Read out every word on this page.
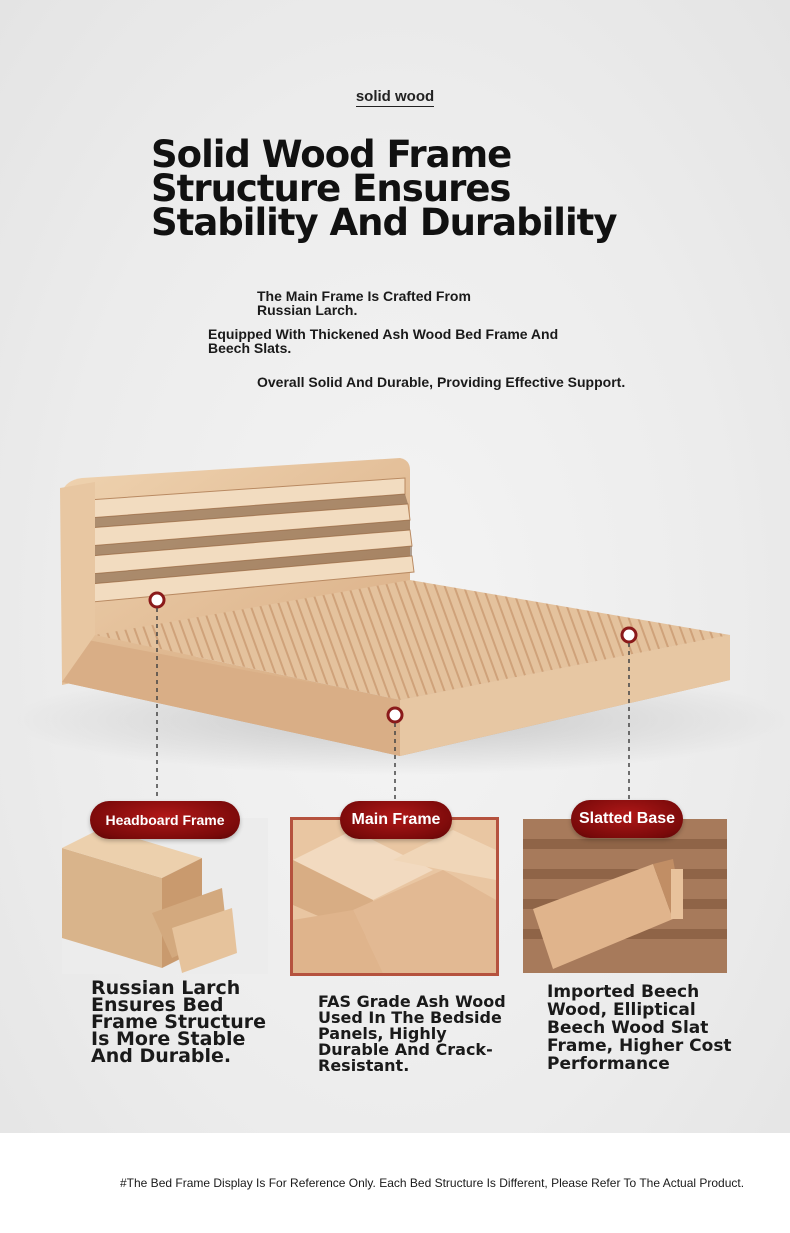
solid wood
Solid Wood Frame
Structure Ensures
Stability And Durability
The Main Frame Is Crafted From Russian Larch.
Equipped With Thickened Ash Wood Bed Frame And Beech Slats.
Overall Solid And Durable, Providing Effective Support.
Headboard Frame	Main Frame	Slatted Base
Russian Larch Ensures Bed Frame Structure Is More Stable And Durable.
FAS Grade Ash Wood Used In The Bedside Panels, Highly Durable And Crack-Resistant.
Imported Beech Wood, Elliptical Beech Wood Slat Frame, Higher Cost Performance
#The Bed Frame Display Is For Reference Only. Each Bed Structure Is Different, Please Refer To The Actual Product.
